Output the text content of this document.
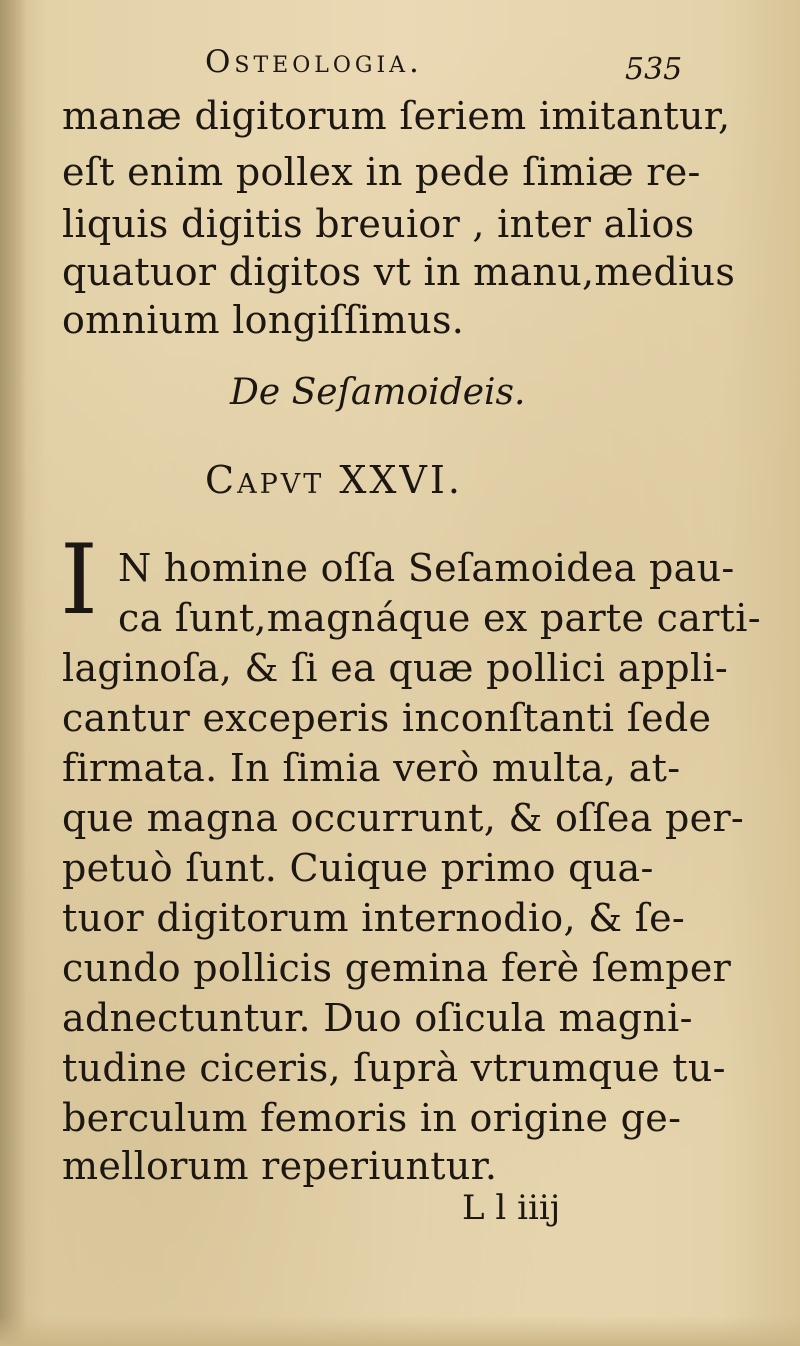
Osteologia.	535
manæ digitorum ſeriem imitantur,
eſt enim pollex in pede ſimiæ re-
liquis digitis breuior , inter alios
quatuor digitos vt in manu,medius
omnium longiſſimus.
De Seſamoideis.
Capvt XXVI.
I N homine oſſa Seſamoidea pau-
ca ſunt,magnáque ex parte carti-
laginoſa, & ſi ea quæ pollici appli-
cantur exceperis inconſtanti ſede
firmata. In ſimia verò multa, at-
que magna occurrunt, & oſſea per-
petuò ſunt. Cuique primo qua-
tuor digitorum internodio, & ſe-
cundo pollicis gemina ferè ſemper
adnectuntur. Duo oſicula magni-
tudine ciceris, ſuprà vtrumque tu-
berculum femoris in origine ge-
mellorum reperiuntur.
L l iiij
